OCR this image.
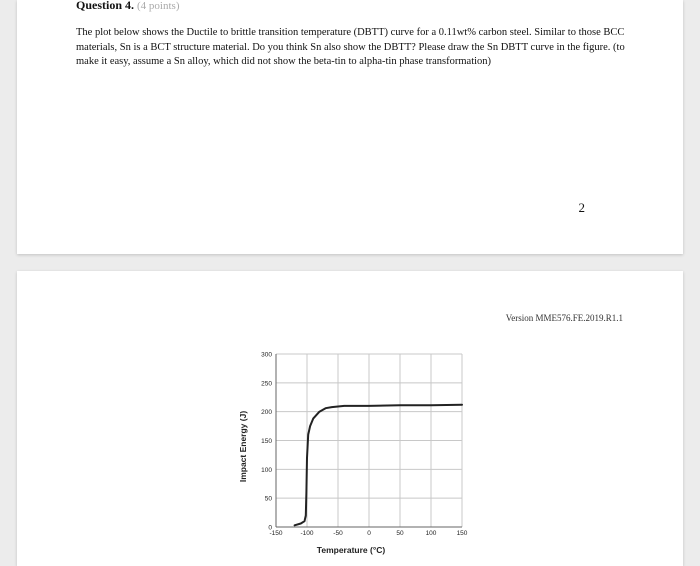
Question 4. (4 points)
The plot below shows the Ductile to brittle transition temperature (DBTT) curve for a 0.11wt% carbon steel. Similar to those BCC materials, Sn is a BCT structure material. Do you think Sn also show the DBTT? Please draw the Sn DBTT curve in the figure. (to make it easy, assume a Sn alloy, which did not show the beta-tin to alpha-tin phase transformation)
2
Version MME576.FE.2019.R1.1
-150	-100	-50	0	50	100	150
0
50
100
150
200
250
300
Temperature (°C)
Impact Energy (J)
